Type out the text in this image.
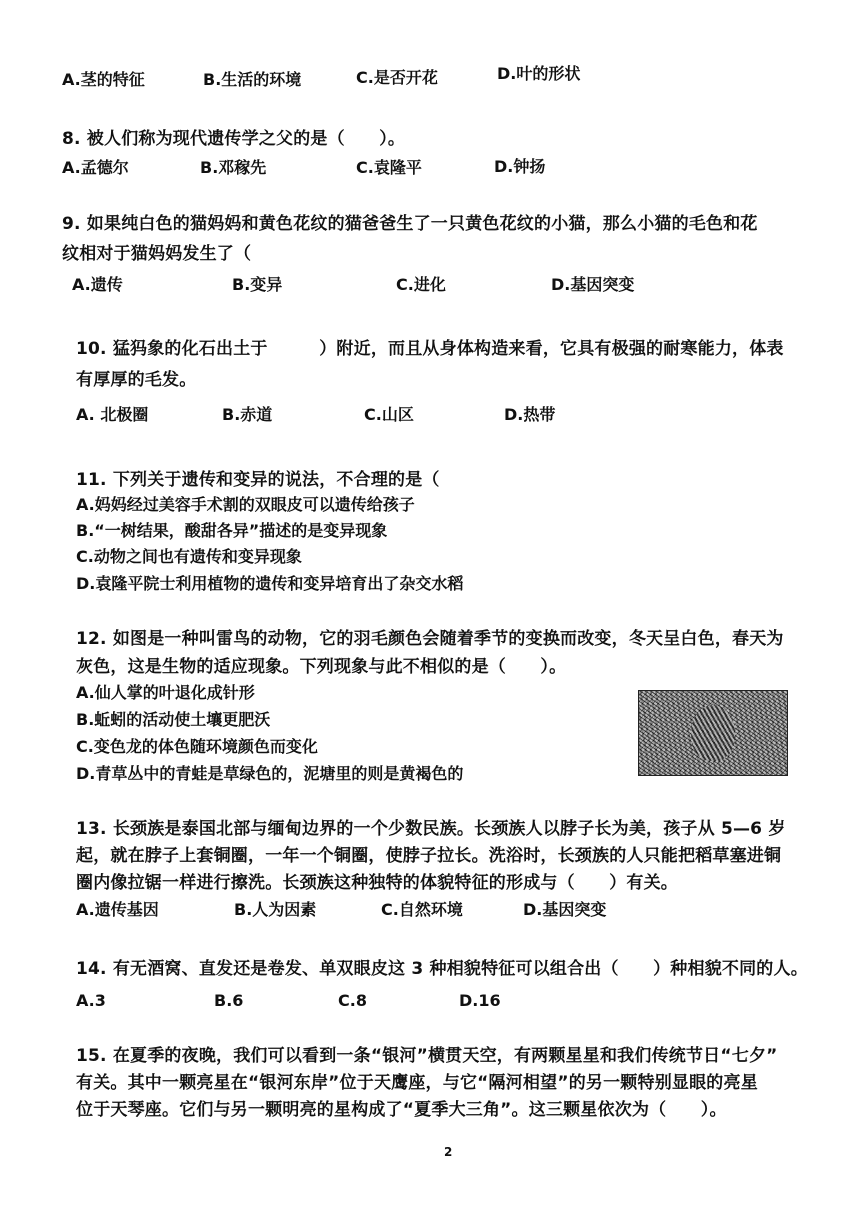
A.茎的特征	B.生活的环境	C.是否开花	D.叶的形状
8. 被人们称为现代遗传学之父的是（　　）。
A.孟德尔	B.邓稼先	C.袁隆平	D.钟扬
9. 如果纯白色的猫妈妈和黄色花纹的猫爸爸生了一只黄色花纹的小猫，那么小猫的毛色和花
纹相对于猫妈妈发生了（
A.遗传	B.变异	C.进化	D.基因突变
10. 猛犸象的化石出土于　　　）附近，而且从身体构造来看，它具有极强的耐寒能力，体表
有厚厚的毛发。
A. 北极圈	B.赤道	C.山区	D.热带
11. 下列关于遗传和变异的说法，不合理的是（
A.妈妈经过美容手术割的双眼皮可以遗传给孩子
B.“一树结果，酸甜各异”描述的是变异现象
C.动物之间也有遗传和变异现象
D.袁隆平院士利用植物的遗传和变异培育出了杂交水稻
12. 如图是一种叫雷鸟的动物，它的羽毛颜色会随着季节的变换而改变，冬天呈白色，春天为
灰色，这是生物的适应现象。下列现象与此不相似的是（　　）。
A.仙人掌的叶退化成针形
B.蚯蚓的活动使土壤更肥沃
C.变色龙的体色随环境颜色而变化
D.青草丛中的青蛙是草绿色的，泥塘里的则是黄褐色的
13. 长颈族是泰国北部与缅甸边界的一个少数民族。长颈族人以脖子长为美，孩子从 5—6 岁
起，就在脖子上套铜圈，一年一个铜圈，使脖子拉长。洗浴时，长颈族的人只能把稻草塞进铜
圈内像拉锯一样进行擦洗。长颈族这种独特的体貌特征的形成与（　　）有关。
A.遗传基因	B.人为因素	C.自然环境	D.基因突变
14. 有无酒窝、直发还是卷发、单双眼皮这 3 种相貌特征可以组合出（　　）种相貌不同的人。
A.3	B.6	C.8	D.16
15. 在夏季的夜晚，我们可以看到一条“银河”横贯天空，有两颗星星和我们传统节日“七夕”
有关。其中一颗亮星在“银河东岸”位于天鹰座，与它“隔河相望”的另一颗特别显眼的亮星
位于天琴座。它们与另一颗明亮的星构成了“夏季大三角”。这三颗星依次为（　　）。
2
